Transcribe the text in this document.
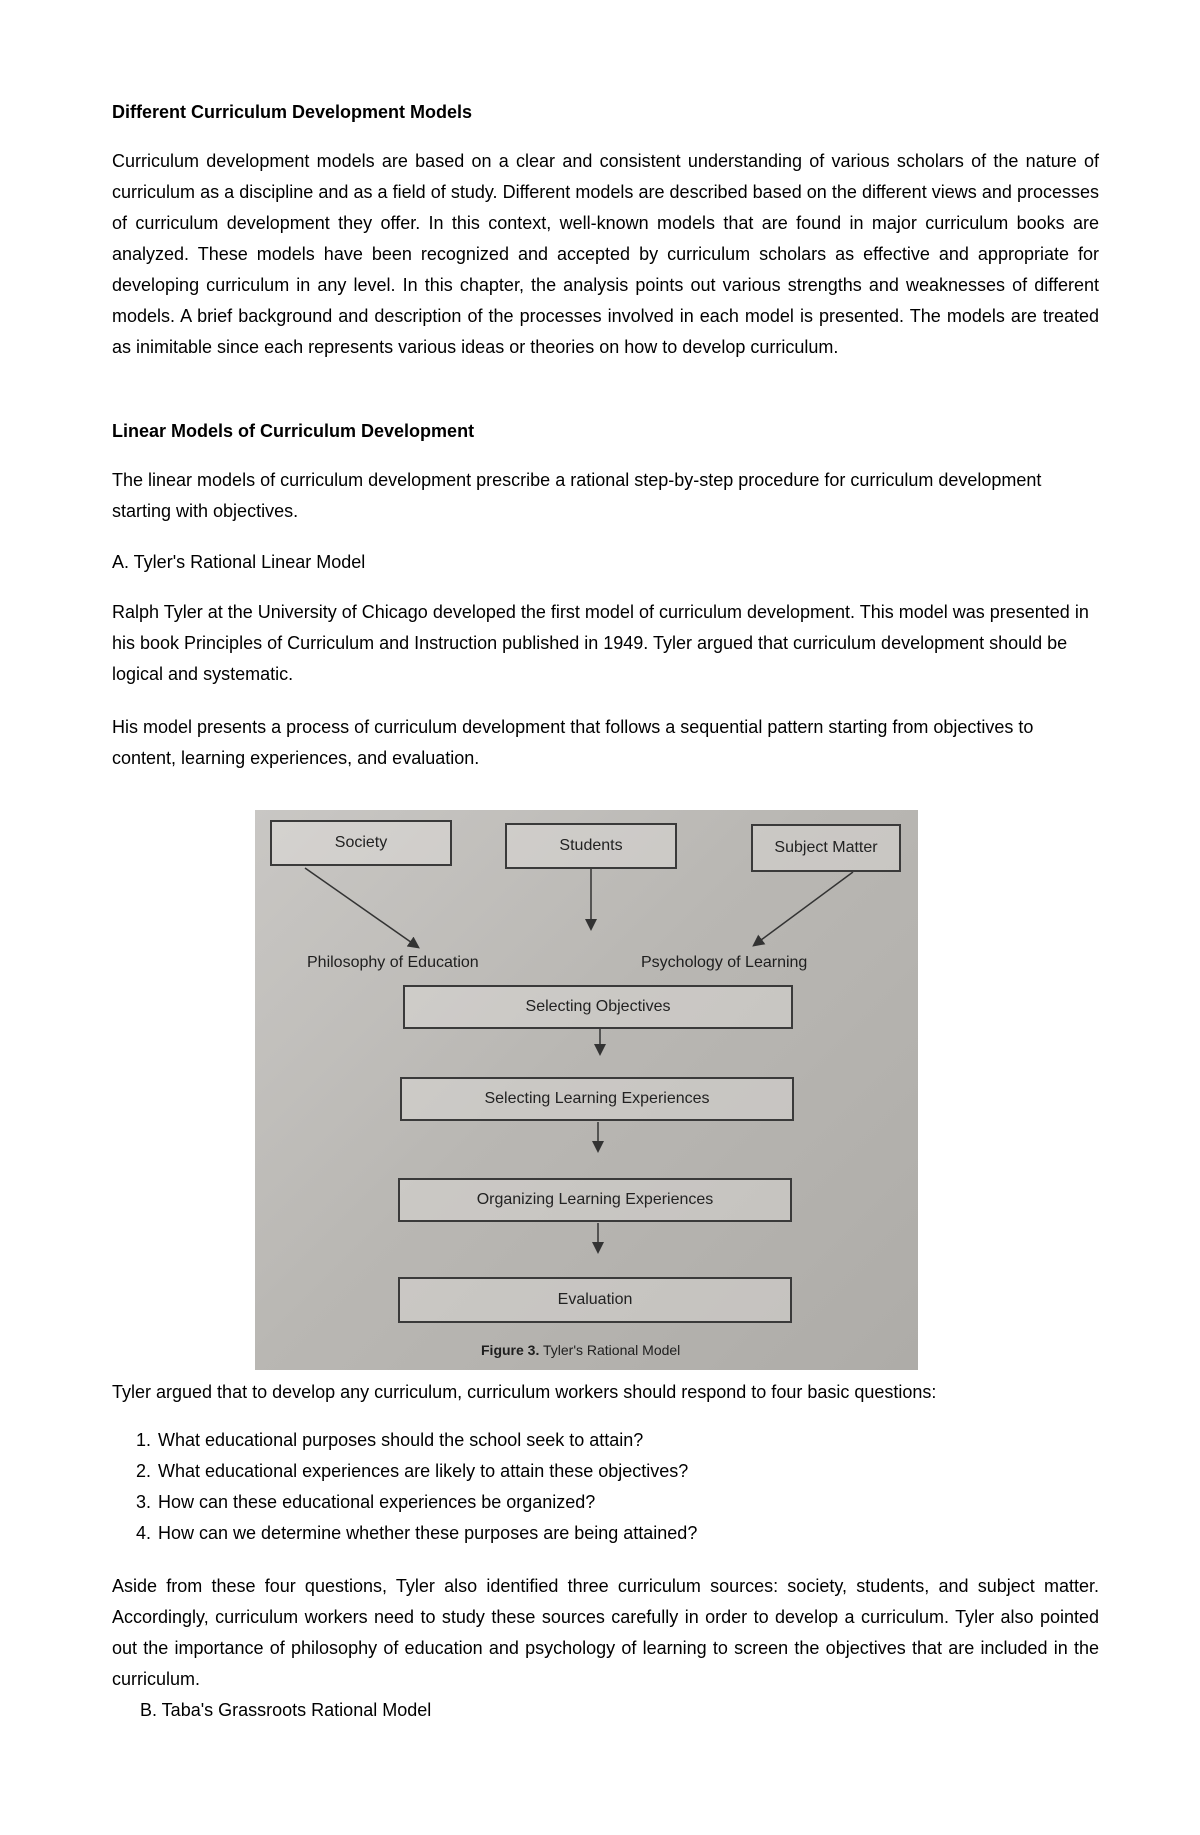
Different Curriculum Development Models

Curriculum development models are based on a clear and consistent understanding of various scholars of the nature of curriculum as a discipline and as a field of study. Different models are described based on the different views and processes of curriculum development they offer. In this context, well-known models that are found in major curriculum books are analyzed. These models have been recognized and accepted by curriculum scholars as effective and appropriate for developing curriculum in any level. In this chapter, the analysis points out various strengths and weaknesses of different models. A brief background and description of the processes involved in each model is presented. The models are treated as inimitable since each represents various ideas or theories on how to develop curriculum.

Linear Models of Curriculum Development

The linear models of curriculum development prescribe a rational step-by-step procedure for curriculum development starting with objectives.

A. Tyler's Rational Linear Model

Ralph Tyler at the University of Chicago developed the first model of curriculum development. This model was presented in his book Principles of Curriculum and Instruction published in 1949. Tyler argued that curriculum development should be logical and systematic.

His model presents a process of curriculum development that follows a sequential pattern starting from objectives to content, learning experiences, and evaluation.

Society	Students	Subject Matter
Philosophy of Education	Psychology of Learning
Selecting Objectives
Selecting Learning Experiences
Organizing Learning Experiences
Evaluation
Figure 3. Tyler's Rational Model

Tyler argued that to develop any curriculum, curriculum workers should respond to four basic questions:

1. What educational purposes should the school seek to attain?
2. What educational experiences are likely to attain these objectives?
3. How can these educational experiences be organized?
4. How can we determine whether these purposes are being attained?

Aside from these four questions, Tyler also identified three curriculum sources: society, students, and subject matter. Accordingly, curriculum workers need to study these sources carefully in order to develop a curriculum. Tyler also pointed out the importance of philosophy of education and psychology of learning to screen the objectives that are included in the curriculum.

B. Taba's Grassroots Rational Model
